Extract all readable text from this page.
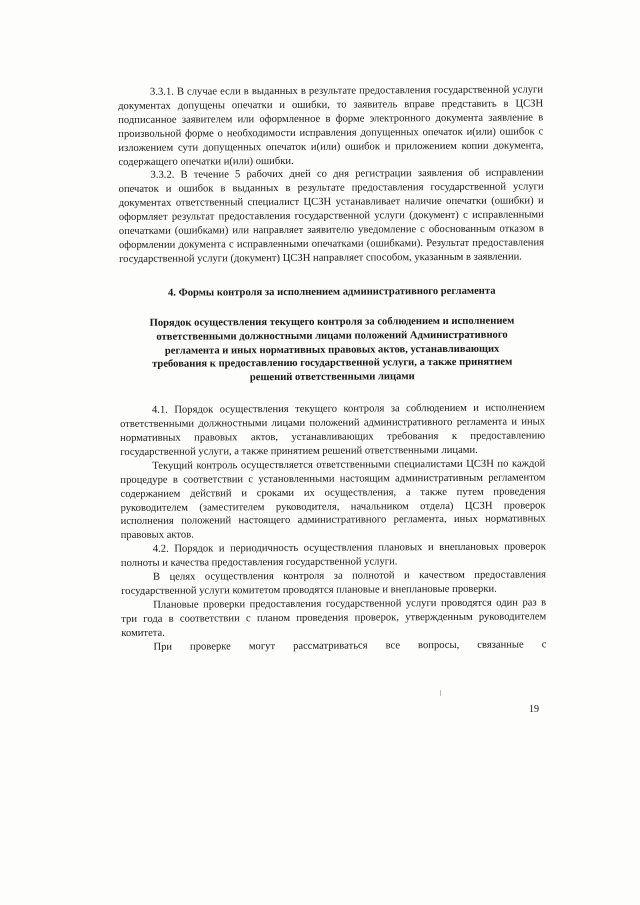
3.3.1. В случае если в выданных в результате предоставления государственной услуги документах допущены опечатки и ошибки, то заявитель вправе представить в ЦСЗН подписанное заявителем или оформленное в форме электронного документа заявление в произвольной форме о необходимости исправления допущенных опечаток и(или) ошибок с изложением сути допущенных опечаток и(или) ошибок и приложением копии документа, содержащего опечатки и(или) ошибки.

3.3.2. В течение 5 рабочих дней со дня регистрации заявления об исправлении опечаток и ошибок в выданных в результате предоставления государственной услуги документах ответственный специалист ЦСЗН устанавливает наличие опечатки (ошибки) и оформляет результат предоставления государственной услуги (документ) с исправленными опечатками (ошибками) или направляет заявителю уведомление с обоснованным отказом в оформлении документа с исправленными опечатками (ошибками). Результат предоставления государственной услуги (документ) ЦСЗН направляет способом, указанным в заявлении.

4. Формы контроля за исполнением административного регламента
Порядок осуществления текущего контроля за соблюдением и исполнением ответственными должностными лицами положений Административного регламента и иных нормативных правовых актов, устанавливающих требования к предоставлению государственной услуги, а также принятием решений ответственными лицами

4.1. Порядок осуществления текущего контроля за соблюдением и исполнением ответственными должностными лицами положений административного регламента и иных нормативных правовых актов, устанавливающих требования к предоставлению государственной услуги, а также принятием решений ответственными лицами.

Текущий контроль осуществляется ответственными специалистами ЦСЗН по каждой процедуре в соответствии с установленными настоящим административным регламентом содержанием действий и сроками их осуществления, а также путем проведения руководителем (заместителем руководителя, начальником отдела) ЦСЗН проверок исполнения положений настоящего административного регламента, иных нормативных правовых актов.

4.2. Порядок и периодичность осуществления плановых и внеплановых проверок полноты и качества предоставления государственной услуги.

В целях осуществления контроля за полнотой и качеством предоставления государственной услуги комитетом проводятся плановые и внеплановые проверки.

Плановые проверки предоставления государственной услуги проводятся один раз в три года в соответствии с планом проведения проверок, утвержденным руководителем комитета.

При проверке могут рассматриваться все вопросы, связанные с

19
